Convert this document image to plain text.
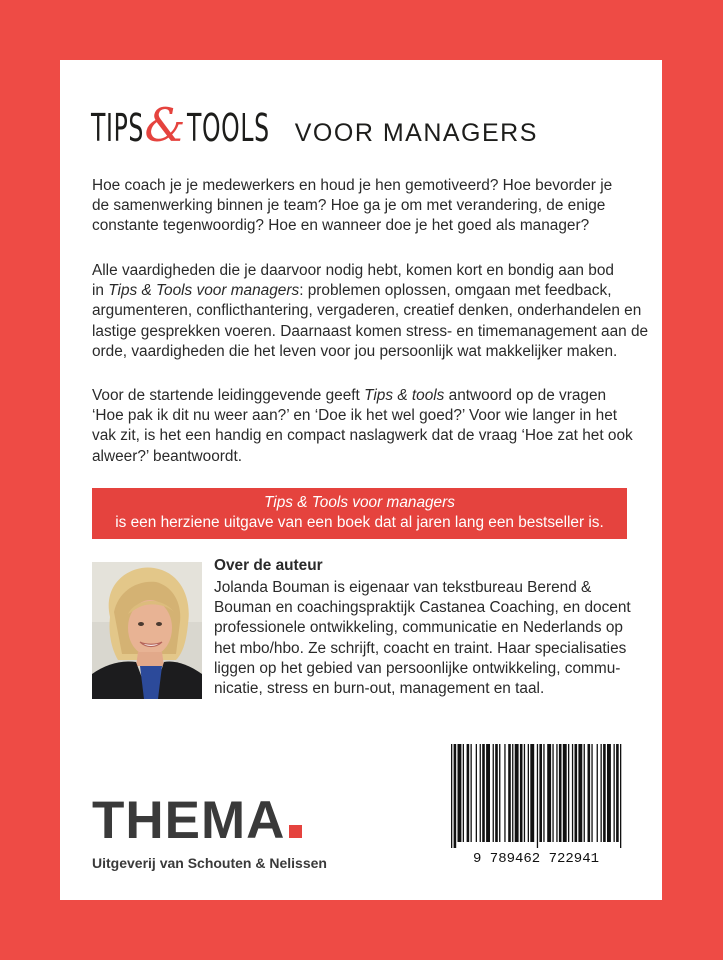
TIPS & TOOLS VOOR MANAGERS
Hoe coach je je medewerkers en houd je hen gemotiveerd? Hoe bevorder je
de samenwerking binnen je team? Hoe ga je om met verandering, de enige
constante tegenwoordig? Hoe en wanneer doe je het goed als manager?
Alle vaardigheden die je daarvoor nodig hebt, komen kort en bondig aan bod
in Tips & Tools voor managers: problemen oplossen, omgaan met feedback,
argumenteren, conflicthantering, vergaderen, creatief denken, onderhandelen en
lastige gesprekken voeren. Daarnaast komen stress- en timemanagement aan de
orde, vaardigheden die het leven voor jou persoonlijk wat makkelijker maken.
Voor de startende leidinggevende geeft Tips & tools antwoord op de vragen
‘Hoe pak ik dit nu weer aan?’ en ‘Doe ik het wel goed?’ Voor wie langer in het
vak zit, is het een handig en compact naslagwerk dat de vraag ‘Hoe zat het ook
alweer?’ beantwoordt.
Tips & Tools voor managers
is een herziene uitgave van een boek dat al jaren lang een bestseller is.
Over de auteur
Jolanda Bouman is eigenaar van tekstbureau Berend &
Bouman en coachingspraktijk Castanea Coaching, en docent
professionele ontwikkeling, communicatie en Nederlands op
het mbo/hbo. Ze schrijft, coacht en traint. Haar specialisaties
liggen op het gebied van persoonlijke ontwikkeling, commu-
nicatie, stress en burn-out, management en taal.
9 789462 722941
THEMA
Uitgeverij van Schouten & Nelissen
